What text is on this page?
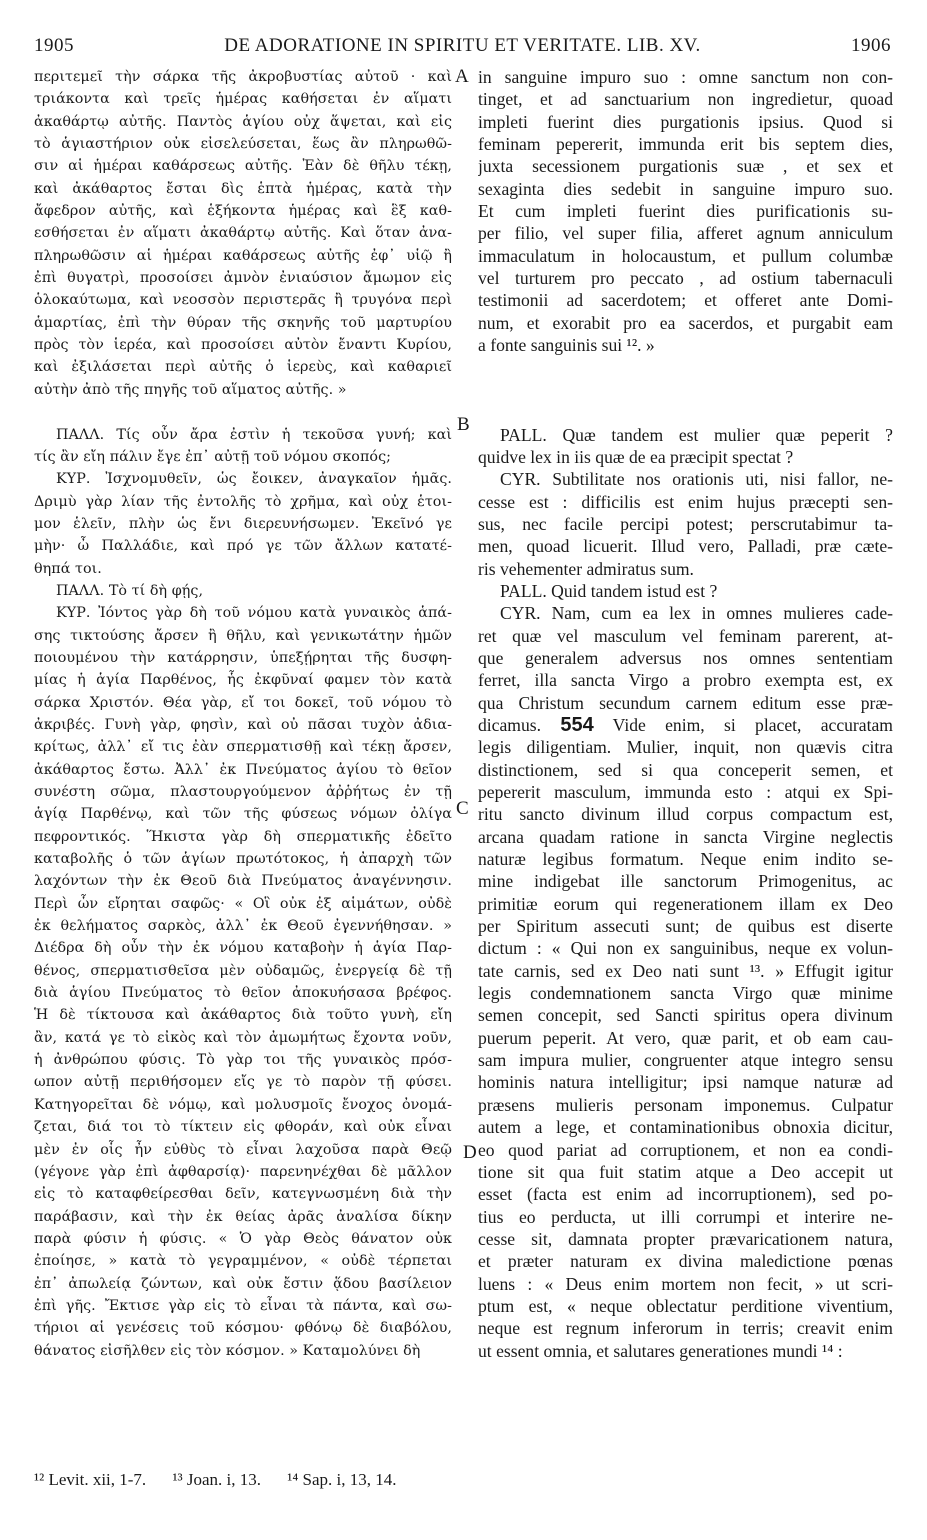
1905	DE ADORATIONE IN SPIRITU ET VERITATE. LIB. XV.	1906
περιτεμεῖ τὴν σάρκα τῆς ἀκροβυστίας αὐτοῦ · καὶ
τριάκοντα καὶ τρεῖς ἡμέρας καθήσεται ἐν αἵματι
ἀκαθάρτῳ αὐτῆς. Παντὸς ἁγίου οὐχ ἅψεται, καὶ εἰς
τὸ ἁγιαστήριον οὐκ εἰσελεύσεται, ἕως ἂν πληρωθῶ-
σιν αἱ ἡμέραι καθάρσεως αὐτῆς. Ἐὰν δὲ θῆλυ τέκῃ,
καὶ ἀκάθαρτος ἔσται δὶς ἑπτὰ ἡμέρας, κατὰ τὴν
ἄφεδρον αὐτῆς, καὶ ἑξήκοντα ἡμέρας καὶ ἓξ καθ-
εσθήσεται ἐν αἵματι ἀκαθάρτῳ αὐτῆς. Καὶ ὅταν ἀνα-
πληρωθῶσιν αἱ ἡμέραι καθάρσεως αὐτῆς ἐφ᾽ υἱῷ ἢ
ἐπὶ θυγατρὶ, προσοίσει ἀμνὸν ἐνιαύσιον ἄμωμον εἰς
ὁλοκαύτωμα, καὶ νεοσσὸν περιστερᾶς ἢ τρυγόνα περὶ
ἁμαρτίας, ἐπὶ τὴν θύραν τῆς σκηνῆς τοῦ μαρτυρίου
πρὸς τὸν ἱερέα, καὶ προσοίσει αὐτὸν ἔναντι Κυρίου,
καὶ ἐξιλάσεται περὶ αὐτῆς ὁ ἱερεὺς, καὶ καθαριεῖ
αὐτὴν ἀπὸ τῆς πηγῆς τοῦ αἵματος αὐτῆς. »
ΠΑΛΛ. Τίς οὖν ἄρα ἐστὶν ἡ τεκοῦσα γυνή; καὶ
τίς ἂν εἴη πάλιν ἔγε ἐπ᾽ αὐτῇ τοῦ νόμου σκοπός;
ΚΥΡ. Ἰσχνομυθεῖν, ὡς ἔοικεν, ἀναγκαῖον ἡμᾶς.
Δριμὺ γὰρ λίαν τῆς ἐντολῆς τὸ χρῆμα, καὶ οὐχ ἑτοι-
μον ἑλεῖν, πλὴν ὡς ἔνι διερευνήσωμεν. Ἐκεῖνό γε
μὴν· ὦ Παλλάδιε, καὶ πρό γε τῶν ἄλλων κατατέ-
θηπά τοι.
ΠΑΛΛ. Τὸ τί δὴ φῄς,
ΚΥΡ. Ἰόντος γὰρ δὴ τοῦ νόμου κατὰ γυναικὸς ἁπά-
σης τικτούσης ἄρσεν ἢ θῆλυ, καὶ γενικωτάτην ἡμῶν
ποιουμένου τὴν κατάρρησιν, ὑπεξῄρηται τῆς δυσφη-
μίας ἡ ἁγία Παρθένος, ἧς ἐκφῦναί φαμεν τὸν κατὰ
σάρκα Χριστόν. Θέα γὰρ, εἴ τοι δοκεῖ, τοῦ νόμου τὸ
ἀκριβές. Γυνὴ γὰρ, φησὶν, καὶ οὐ πᾶσαι τυχὸν ἀδια-
κρίτως, ἀλλ᾽ εἴ τις ἐὰν σπερματισθῇ καὶ τέκῃ ἄρσεν,
ἀκάθαρτος ἔστω. Ἀλλ᾽ ἐκ Πνεύματος ἁγίου τὸ θεῖον
συνέστη σῶμα, πλαστουργούμενον ἀῤῥήτως ἐν τῇ
ἁγίᾳ Παρθένῳ, καὶ τῶν τῆς φύσεως νόμων ὀλίγα
πεφροντικός. Ἥκιστα γὰρ δὴ σπερματικῆς ἐδεῖτο
καταβολῆς ὁ τῶν ἁγίων πρωτότοκος, ἡ ἀπαρχὴ τῶν
λαχόντων τὴν ἐκ Θεοῦ διὰ Πνεύματος ἀναγέννησιν.
Περὶ ὧν εἴρηται σαφῶς· « Οἳ οὐκ ἐξ αἱμάτων, οὐδὲ
ἐκ θελήματος σαρκὸς, ἀλλ᾽ ἐκ Θεοῦ ἐγεννήθησαν. »
Διέδρα δὴ οὖν τὴν ἐκ νόμου καταβοὴν ἡ ἁγία Παρ-
θένος, σπερματισθεῖσα μὲν οὐδαμῶς, ἐνεργείᾳ δὲ τῇ
διὰ ἁγίου Πνεύματος τὸ θεῖον ἀποκυήσασα βρέφος.
Ἡ δὲ τίκτουσα καὶ ἀκάθαρτος διὰ τοῦτο γυνὴ, εἴη
ἂν, κατά γε τὸ εἰκὸς καὶ τὸν ἀμωμήτως ἔχοντα νοῦν,
ἡ ἀνθρώπου φύσις. Τὸ γὰρ τοι τῆς γυναικὸς πρόσ-
ωπον αὐτῇ περιθήσομεν εἴς γε τὸ παρὸν τῇ φύσει.
Κατηγορεῖται δὲ νόμῳ, καὶ μολυσμοῖς ἔνοχος ὀνομά-
ζεται, διά τοι τὸ τίκτειν εἰς φθοράν, καὶ οὐκ εἶναι
μὲν ἐν οἷς ἦν εὐθὺς τὸ εἶναι λαχοῦσα παρὰ Θεῷ
(γέγονε γὰρ ἐπὶ ἀφθαρσίᾳ)· παρενηνέχθαι δὲ μᾶλλον
εἰς τὸ καταφθείρεσθαι δεῖν, κατεγνωσμένη διὰ τὴν
παράβασιν, καὶ τὴν ἐκ θείας ἀρᾶς ἀναλίσα δίκην
παρὰ φύσιν ἡ φύσις. « Ὁ γὰρ Θεὸς θάνατον οὐκ
ἐποίησε, » κατὰ τὸ γεγραμμένον, « οὐδὲ τέρπεται
ἐπ᾽ ἀπωλείᾳ ζώντων, καὶ οὐκ ἔστιν ᾅδου βασίλειον
ἐπὶ γῆς. Ἔκτισε γὰρ εἰς τὸ εἶναι τὰ πάντα, καὶ σω-
τήριοι αἱ γενέσεις τοῦ κόσμου· φθόνῳ δὲ διαβόλου,
θάνατος εἰσῆλθεν εἰς τὸν κόσμον. » Καταμολύνει δὴ
in sanguine impuro suo : omne sanctum non con-
tinget, et ad sanctuarium non ingredietur, quoad
impleti fuerint dies purgationis ipsius. Quod si
feminam pepererit, immunda erit bis septem dies,
juxta secessionem purgationis suæ , et sex et
sexaginta dies sedebit in sanguine impuro suo.
Et cum impleti fuerint dies purificationis su-
per filio, vel super filia, afferet agnum anniculum
immaculatum in holocaustum, et pullum columbæ
vel turturem pro peccato , ad ostium tabernaculi
testimonii ad sacerdotem; et offeret ante Domi-
num, et exorabit pro ea sacerdos, et purgabit eam
a fonte sanguinis sui ¹². »
PALL. Quæ tandem est mulier quæ peperit ?
quidve lex in iis quæ de ea præcipit spectat ?
CYR. Subtilitate nos orationis uti, nisi fallor, ne-
cesse est : difficilis est enim hujus præcepti sen-
sus, nec facile percipi potest; perscrutabimur ta-
men, quoad licuerit. Illud vero, Palladi, præ cæte-
ris vehementer admiratus sum.
PALL. Quid tandem istud est ?
CYR. Nam, cum ea lex in omnes mulieres cade-
ret quæ vel masculum vel feminam parerent, at-
que generalem adversus nos omnes sententiam
ferret, illa sancta Virgo a probro exempta est, ex
qua Christum secundum carnem editum esse præ-
dicamus. 554 Vide enim, si placet, accuratam
legis diligentiam. Mulier, inquit, non quævis citra
distinctionem, sed si qua conceperit semen, et
pepererit masculum, immunda esto : atqui ex Spi-
ritu sancto divinum illud corpus compactum est,
arcana quadam ratione in sancta Virgine neglectis
naturæ legibus formatum. Neque enim indito se-
mine indigebat ille sanctorum Primogenitus, ac
primitiæ eorum qui regenerationem illam ex Deo
per Spiritum assecuti sunt; de quibus est diserte
dictum : « Qui non ex sanguinibus, neque ex volun-
tate carnis, sed ex Deo nati sunt ¹³. » Effugit igitur
legis condemnationem sancta Virgo quæ minime
semen concepit, sed Sancti spiritus opera divinum
puerum peperit. At vero, quæ parit, et ob eam cau-
sam impura mulier, congruenter atque integro sensu
hominis natura intelligitur; ipsi namque naturæ ad
præsens mulieris personam imponemus. Culpatur
autem a lege, et contaminationibus obnoxia dicitur,
eo quod pariat ad corruptionem, et non ea condi-
tione sit qua fuit statim atque a Deo accepit ut
esset (facta est enim ad incorruptionem), sed po-
tius eo perducta, ut illi corrumpi et interire ne-
cesse sit, damnata propter prævaricationem natura,
et præter naturam ex divina maledictione pœnas
luens : « Deus enim mortem non fecit, » ut scri-
ptum est, « neque oblectatur perditione viventium,
neque est regnum inferorum in terris; creavit enim
ut essent omnia, et salutares generationes mundi ¹⁴ :
A
B
C
D
¹² Levit. xii, 1-7. ¹³ Joan. i, 13. ¹⁴ Sap. i, 13, 14.
